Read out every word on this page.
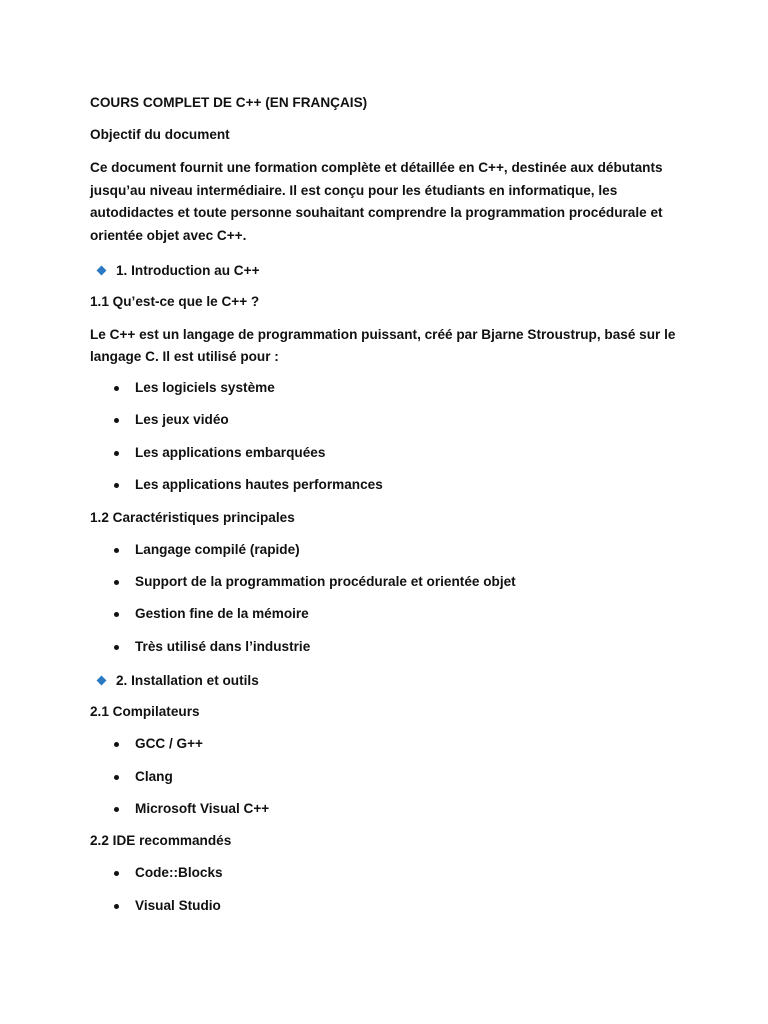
COURS COMPLET DE C++ (EN FRANÇAIS)

Objectif du document

Ce document fournit une formation complète et détaillée en C++, destinée aux débutants jusqu’au niveau intermédiaire. Il est conçu pour les étudiants en informatique, les autodidactes et toute personne souhaitant comprendre la programmation procédurale et orientée objet avec C++.

1. Introduction au C++

1.1 Qu’est-ce que le C++ ?

Le C++ est un langage de programmation puissant, créé par Bjarne Stroustrup, basé sur le langage C. Il est utilisé pour :

Les logiciels système
Les jeux vidéo
Les applications embarquées
Les applications hautes performances

1.2 Caractéristiques principales

Langage compilé (rapide)
Support de la programmation procédurale et orientée objet
Gestion fine de la mémoire
Très utilisé dans l’industrie
2. Installation et outils

2.1 Compilateurs

GCC / G++
Clang
Microsoft Visual C++

2.2 IDE recommandés

Code::Blocks
Visual Studio
